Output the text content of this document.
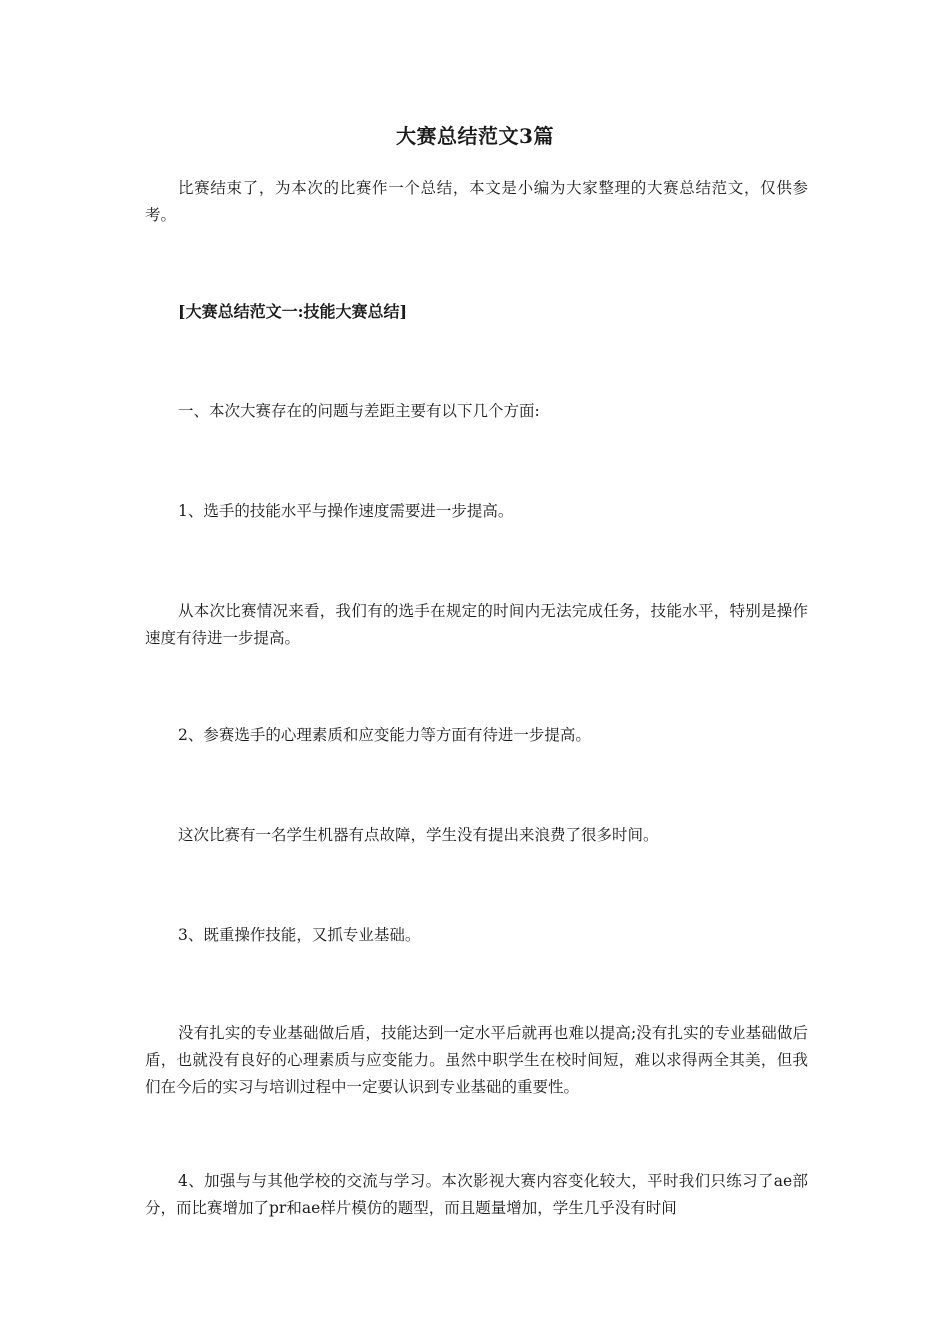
大赛总结范文3篇

比赛结束了，为本次的比赛作一个总结，本文是小编为大家整理的大赛总结范文，仅供参考。

[大赛总结范文一:技能大赛总结]

一、本次大赛存在的问题与差距主要有以下几个方面:

1、选手的技能水平与操作速度需要进一步提高。

从本次比赛情况来看，我们有的选手在规定的时间内无法完成任务，技能水平，特别是操作速度有待进一步提高。

2、参赛选手的心理素质和应变能力等方面有待进一步提高。

这次比赛有一名学生机器有点故障，学生没有提出来浪费了很多时间。

3、既重操作技能，又抓专业基础。

没有扎实的专业基础做后盾，技能达到一定水平后就再也难以提高;没有扎实的专业基础做后盾，也就没有良好的心理素质与应变能力。虽然中职学生在校时间短，难以求得两全其美，但我们在今后的实习与培训过程中一定要认识到专业基础的重要性。

4、加强与与其他学校的交流与学习。本次影视大赛内容变化较大，平时我们只练习了ae部分，而比赛增加了pr和ae样片模仿的题型，而且题量增加，学生几乎没有时间
